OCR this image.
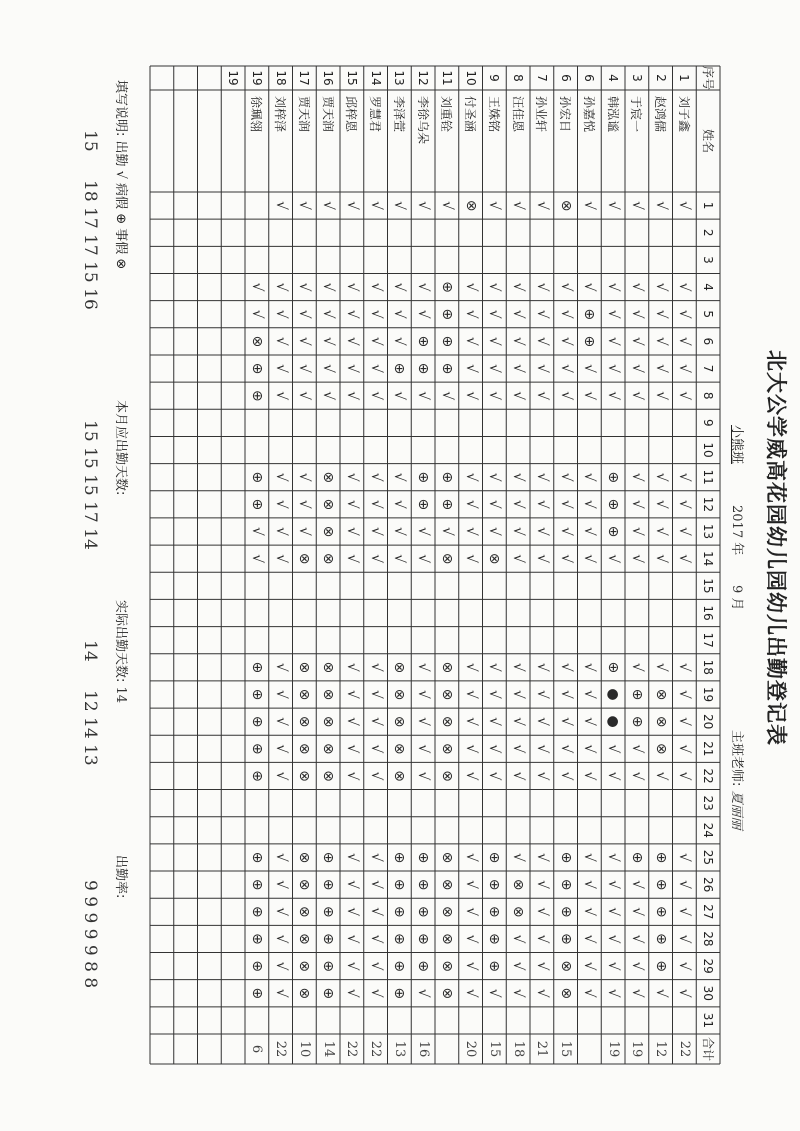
北大公学威高花园幼儿园幼儿出勤登记表
小熊班
2017 年
9 月
主班老师: 夏丽丽
序号
姓名
1
2
3
4
5
6
7
8
9
10
11
12
13
14
15
16
17
18
19
20
21
22
23
24
25
26
27
28
29
30
31
合计
1
刘子鑫
√
√
√
√
√
√
√
√
√
√
√
√
√
√
√
√
√
√
√
√
√
22
2
赵鸿儒
√
√
√
√
√
√
√
√
√
√
√
⊗
⊗
⊗
√
⊕
⊕
⊕
⊕
⊕
√
12
3
于宸一
√
√
√
√
√
√
√
√
√
√
√
⊕
⊕
√
√
⊕
√
√
√
√
√
19
4
韩泓谧
√
√
√
√
√
√
⊕
⊕
⊕
√
⊕
●
●
√
√
√
√
√
√
√
√
19
6
孙嘉悦
√
√
⊕
⊕
√
√
√
√
√
√
√
√
√
√
√
√
√
√
√
√
√
6
孙宏日
⊗
√
√
√
√
√
√
√
√
√
√
√
√
√
√
⊕
⊕
⊕
⊕
⊗
⊗
15
7
孙业轩
√
√
√
√
√
√
√
√
√
√
√
√
√
√
√
√
√
√
√
√
√
21
8
汪佳恩
√
√
√
√
√
√
√
√
√
√
√
√
√
√
√
√
⊗
⊗
√
√
√
18
9
王姝铭
√
√
√
√
√
√
√
√
√
⊗
√
√
√
√
√
⊕
⊕
⊕
⊕
⊕
√
15
10
付圣涵
⊗
√
√
√
√
√
√
√
√
√
√
√
√
√
√
√
√
√
√
√
√
20
11
刘重铨
√
⊕
⊕
⊕
⊕
√
⊕
⊕
√
⊗
⊗
⊗
⊗
⊗
⊗
⊗
⊗
⊗
⊗
⊗
⊗
12
李徐乌朵
√
√
√
⊕
⊕
√
⊕
⊕
√
√
√
√
√
√
√
⊕
⊕
⊕
⊕
⊕
√
16
13
李泽萱
√
√
√
√
⊕
√
√
√
√
√
⊗
⊗
⊗
⊗
⊗
⊕
⊕
⊕
⊕
⊕
⊕
13
14
罗慧君
√
√
√
√
√
√
√
√
√
√
√
√
√
√
√
√
√
√
√
√
√
22
15
邱梓恩
√
√
√
√
√
√
√
√
√
√
√
√
√
√
√
√
√
√
√
√
√
22
16
贾天润
√
√
√
√
√
√
⊗
⊗
⊗
⊗
⊗
⊗
⊗
⊗
⊗
⊕
⊕
⊕
⊕
⊕
⊕
14
17
贾天润
√
√
√
√
√
√
√
√
√
⊗
⊗
⊗
⊗
⊗
⊗
⊗
⊗
⊗
⊗
⊗
⊗
10
18
刘梓泽
√
√
√
√
√
√
√
√
√
√
√
√
√
√
√
√
√
√
√
√
√
22
19
徐珮翎
√
√
⊗
⊕
⊕
⊕
⊕
√
√
⊕
⊕
⊕
⊕
⊕
⊕
⊕
⊕
⊕
⊕
⊕
6
19
填写说明: 出勤 √ 病假 ⊕ 事假 ⊗
本月应出勤天数:
实际出勤天数: 14
出勤率:
15
18 17 17 15 16
15 15 15 17 14
14
12 14 13
9 9 9 9 9 8 8
